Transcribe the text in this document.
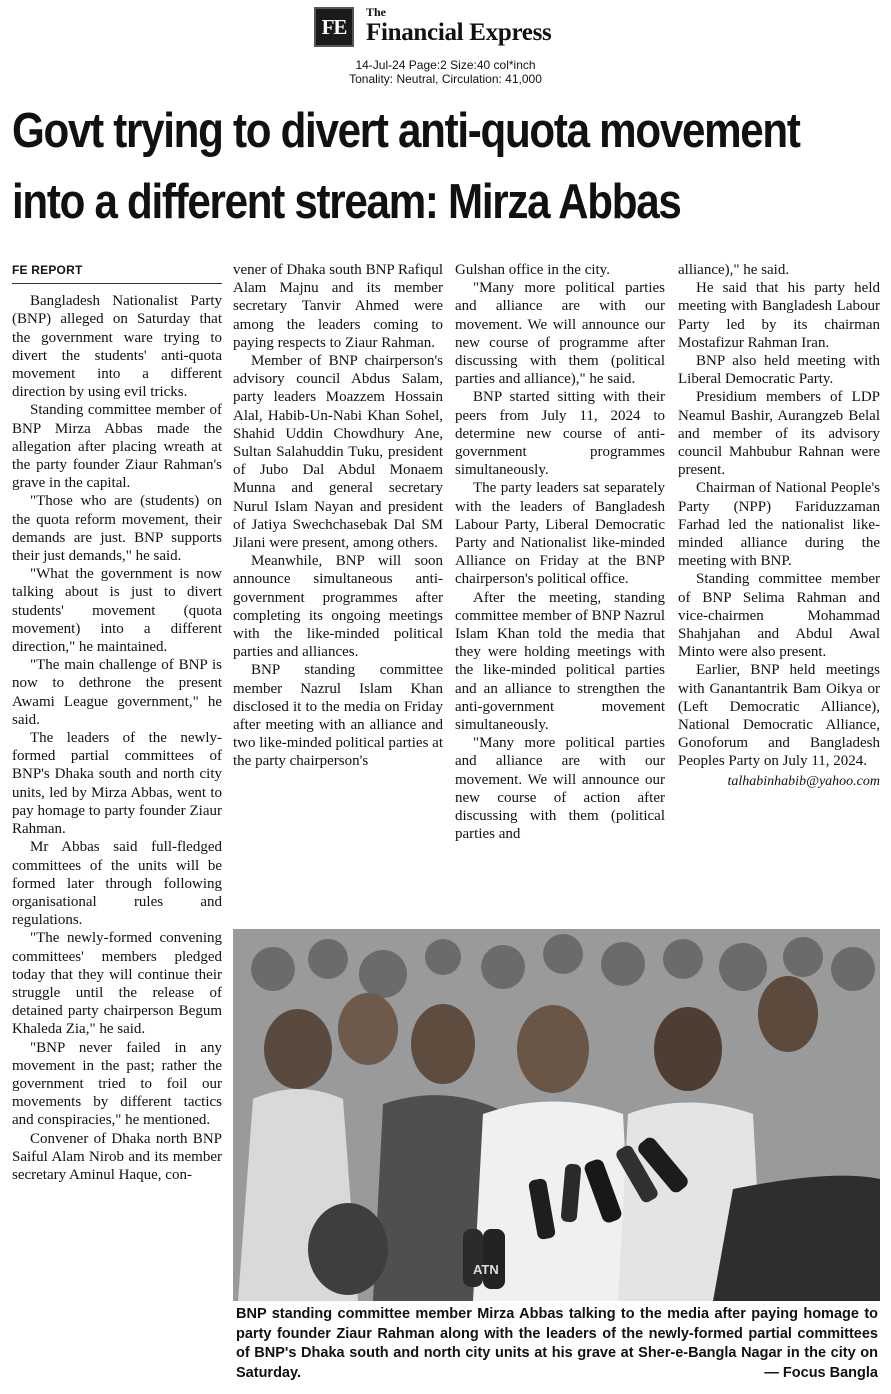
FE
The
Financial Express
14-Jul-24 Page:2 Size:40 col*inch
Tonality: Neutral, Circulation: 41,000
Govt trying to divert anti-quota movement
into a different stream: Mirza Abbas
FE REPORT

Bangladesh Nationalist Party (BNP) alleged on Saturday that the government ware trying to divert the students' anti-quota movement into a different direction by using evil tricks.

Standing committee member of BNP Mirza Abbas made the allegation after placing wreath at the party founder Ziaur Rahman's grave in the capital.

"Those who are (students) on the quota reform movement, their demands are just. BNP supports their just demands," he said.

"What the government is now talking about is just to divert students' movement (quota movement) into a different direction," he maintained.

"The main challenge of BNP is now to dethrone the present Awami League government," he said.

The leaders of the newly-formed partial committees of BNP's Dhaka south and north city units, led by Mirza Abbas, went to pay homage to party founder Ziaur Rahman.

Mr Abbas said full-fledged committees of the units will be formed later through following organisational rules and regulations.

"The newly-formed convening committees' members pledged today that they will continue their struggle until the release of detained party chairperson Begum Khaleda Zia," he said.

"BNP never failed in any movement in the past; rather the government tried to foil our movements by different tactics and conspiracies," he mentioned.

Convener of Dhaka north BNP Saiful Alam Nirob and its member secretary Aminul Haque, con-

vener of Dhaka south BNP Rafiqul Alam Majnu and its member secretary Tanvir Ahmed were among the leaders coming to paying respects to Ziaur Rahman.

Member of BNP chairperson's advisory council Abdus Salam, party leaders Moazzem Hossain Alal, Habib-Un-Nabi Khan Sohel, Shahid Uddin Chowdhury Ane, Sultan Salahuddin Tuku, president of Jubo Dal Abdul Monaem Munna and general secretary Nurul Islam Nayan and president of Jatiya Swechchasebak Dal SM Jilani were present, among others.

Meanwhile, BNP will soon announce simultaneous anti-government programmes after completing its ongoing meetings with the like-minded political parties and alliances.

BNP standing committee member Nazrul Islam Khan disclosed it to the media on Friday after meeting with an alliance and two like-minded political parties at the party chairperson's

Gulshan office in the city.

"Many more political parties and alliance are with our movement. We will announce our new course of programme after discussing with them (political parties and alliance)," he said.

BNP started sitting with their peers from July 11, 2024 to determine new course of anti-government programmes simultaneously.

The party leaders sat separately with the leaders of Bangladesh Labour Party, Liberal Democratic Party and Nationalist like-minded Alliance on Friday at the BNP chairperson's political office.

After the meeting, standing committee member of BNP Nazrul Islam Khan told the media that they were holding meetings with the like-minded political parties and an alliance to strengthen the anti-government movement simultaneously.

"Many more political parties and alliance are with our movement. We will announce our new course of action after discussing with them (political parties and

alliance)," he said.

He said that his party held meeting with Bangladesh Labour Party led by its chairman Mostafizur Rahman Iran.

BNP also held meeting with Liberal Democratic Party.

Presidium members of LDP Neamul Bashir, Aurangzeb Belal and member of its advisory council Mahbubur Rahnan were present.

Chairman of National People's Party (NPP) Fariduzzaman Farhad led the nationalist like-minded alliance during the meeting with BNP.

Standing committee member of BNP Selima Rahman and vice-chairmen Mohammad Shahjahan and Abdul Awal Minto were also present.

Earlier, BNP held meetings with Ganantantrik Bam Oikya or (Left Democratic Alliance), National Democratic Alliance, Gonoforum and Bangladesh Peoples Party on July 11, 2024.

talhabinhabib@yahoo.com
ATN
BNP standing committee member Mirza Abbas talking to the media after paying homage to party founder Ziaur Rahman along with the leaders of the newly-formed partial committees of BNP's Dhaka south and north city units at his grave at Sher-e-Bangla Nagar in the city on Saturday.	— Focus Bangla
